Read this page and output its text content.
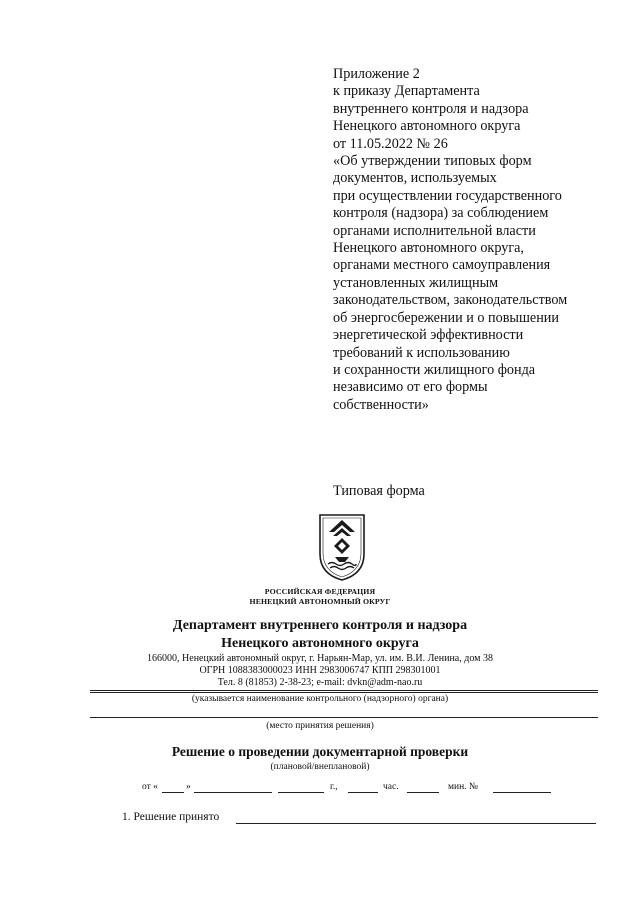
Приложение 2
к приказу Департамента
внутреннего контроля и надзора
Ненецкого автономного округа
от 11.05.2022 № 26
«Об утверждении типовых форм
документов, используемых
при осуществлении государственного
контроля (надзора) за соблюдением
органами исполнительной власти
Ненецкого автономного округа,
органами местного самоуправления
установленных жилищным
законодательством, законодательством
об энергосбережении и о повышении
энергетической эффективности
требований к использованию
и сохранности жилищного фонда
независимо от его формы
собственности»
Типовая форма
РОССИЙСКАЯ ФЕДЕРАЦИЯ
НЕНЕЦКИЙ АВТОНОМНЫЙ ОКРУГ
Департамент внутреннего контроля и надзора
Ненецкого автономного округа
166000, Ненецкий автономный округ, г. Нарьян-Мар, ул. им. В.И. Ленина, дом 38
ОГРН 1088383000023 ИНН 2983006747 КПП 298301001
Тел. 8 (81853) 2-38-23; e-mail: dvkn@adm-nao.ru
(указывается наименование контрольного (надзорного) органа)
(место принятия решения)
Решение о проведении документарной проверки
(плановой/внеплановой)
от «	»	г.,	час.	мин. №
1. Решение принято
